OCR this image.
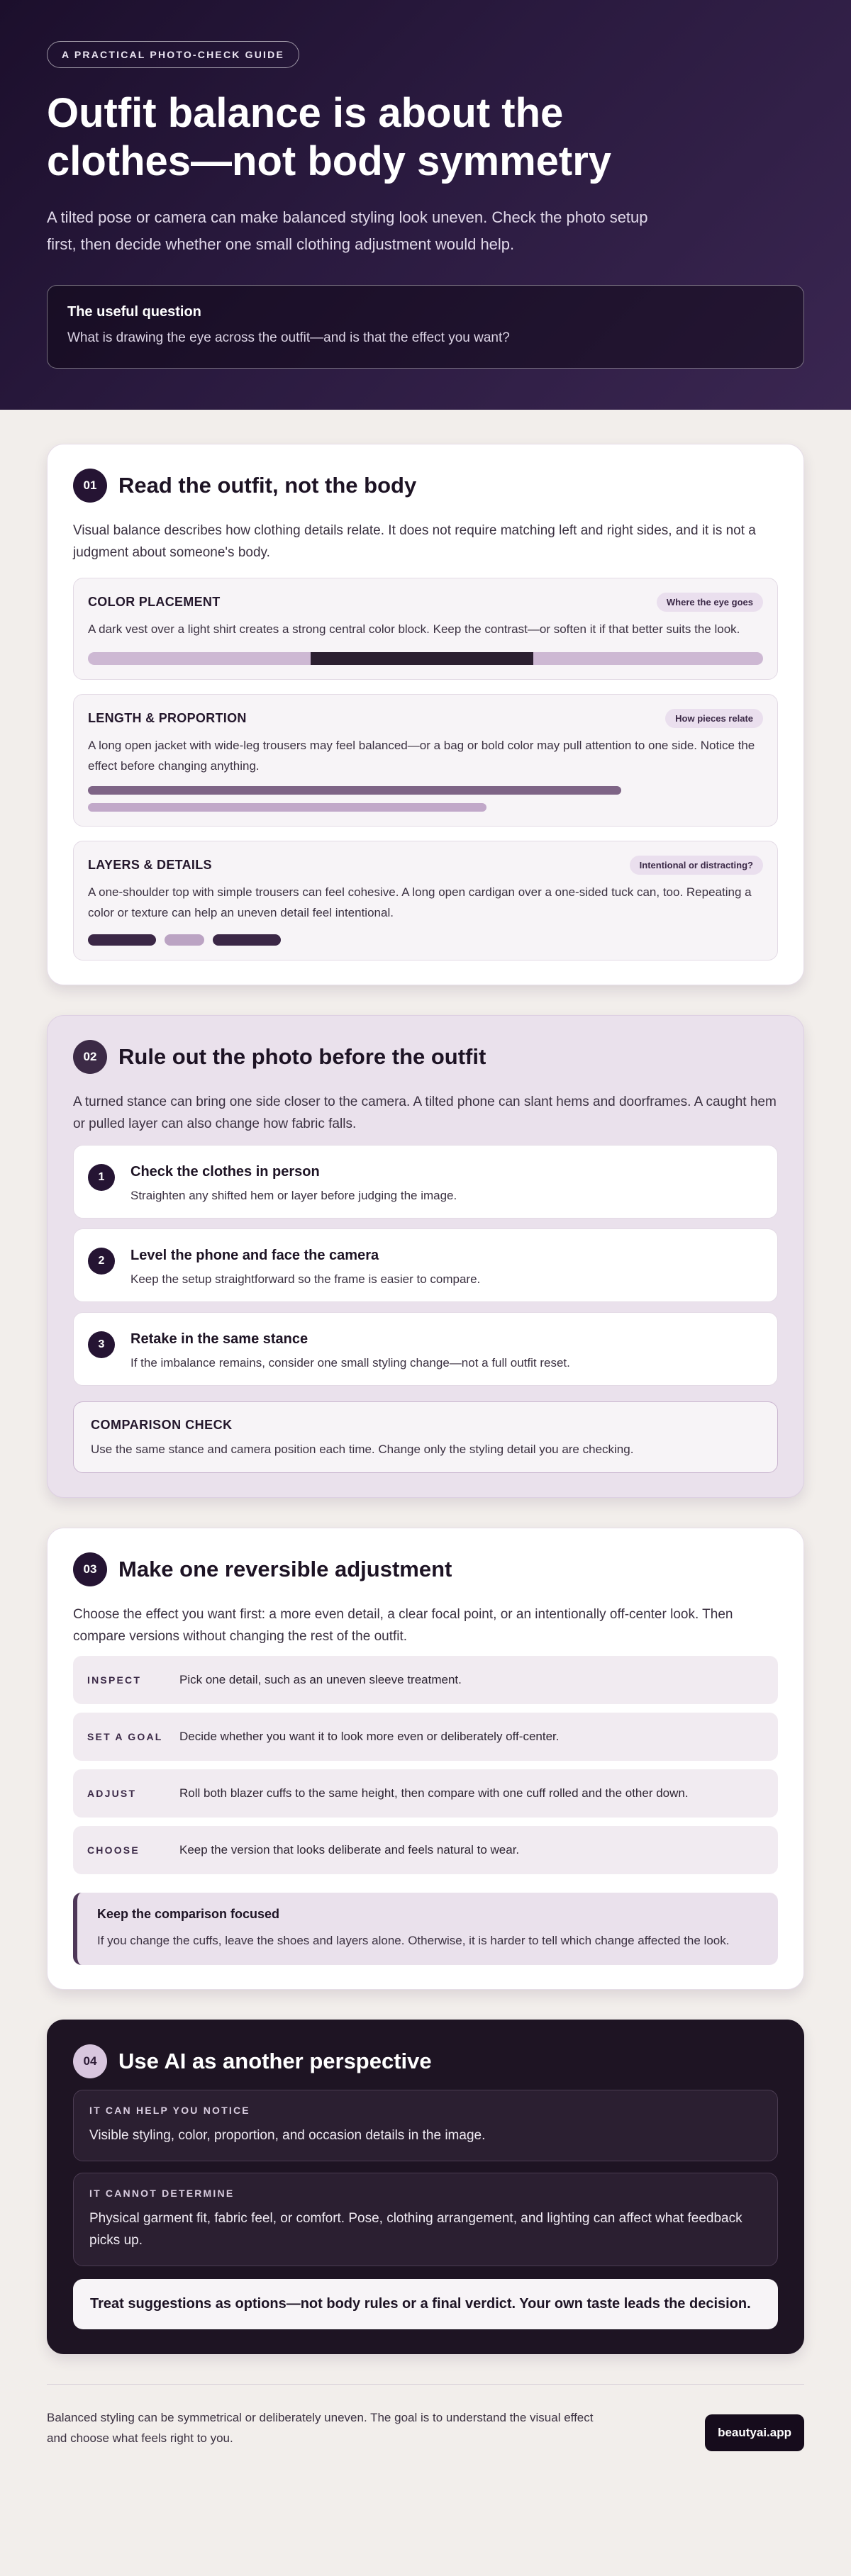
A PRACTICAL PHOTO-CHECK GUIDE
Outfit balance is about the clothes—not body symmetry

A tilted pose or camera can make balanced styling look uneven. Check the photo setup first, then decide whether one small clothing adjustment would help.

The useful question
What is drawing the eye across the outfit—and is that the effect you want?
01 Read the outfit, not the body

Visual balance describes how clothing details relate. It does not require matching left and right sides, and it is not a judgment about someone's body.

COLOR PLACEMENT	Where the eye goes

A dark vest over a light shirt creates a strong central color block. Keep the contrast—or soften it if that better suits the look.

LENGTH & PROPORTION	How pieces relate

A long open jacket with wide-leg trousers may feel balanced—or a bag or bold color may pull attention to one side. Notice the effect before changing anything.

LAYERS & DETAILS	Intentional or distracting?

A one-shoulder top with simple trousers can feel cohesive. A long open cardigan over a one-sided tuck can, too. Repeating a color or texture can help an uneven detail feel intentional.

02 Rule out the photo before the outfit

A turned stance can bring one side closer to the camera. A tilted phone can slant hems and doorframes. A caught hem or pulled layer can also change how fabric falls.

1	Check the clothes in person
Straighten any shifted hem or layer before judging the image.
2	Level the phone and face the camera
Keep the setup straightforward so the frame is easier to compare.
3	Retake in the same stance
If the imbalance remains, consider one small styling change—not a full outfit reset.
COMPARISON CHECK
Use the same stance and camera position each time. Change only the styling detail you are checking.
03 Make one reversible adjustment

Choose the effect you want first: a more even detail, a clear focal point, or an intentionally off-center look. Then compare versions without changing the rest of the outfit.

INSPECT	Pick one detail, such as an uneven sleeve treatment.
SET A GOAL	Decide whether you want it to look more even or deliberately off-center.
ADJUST	Roll both blazer cuffs to the same height, then compare with one cuff rolled and the other down.
CHOOSE	Keep the version that looks deliberate and feels natural to wear.
Keep the comparison focused
If you change the cuffs, leave the shoes and layers alone. Otherwise, it is harder to tell which change affected the look.
04 Use AI as another perspective
IT CAN HELP YOU NOTICE
Visible styling, color, proportion, and occasion details in the image.
IT CANNOT DETERMINE
Physical garment fit, fabric feel, or comfort. Pose, clothing arrangement, and lighting can affect what feedback picks up.
Treat suggestions as options—not body rules or a final verdict. Your own taste leads the decision.

Balanced styling can be symmetrical or deliberately uneven. The goal is to understand the visual effect and choose what feels right to you.	beautyai.app
